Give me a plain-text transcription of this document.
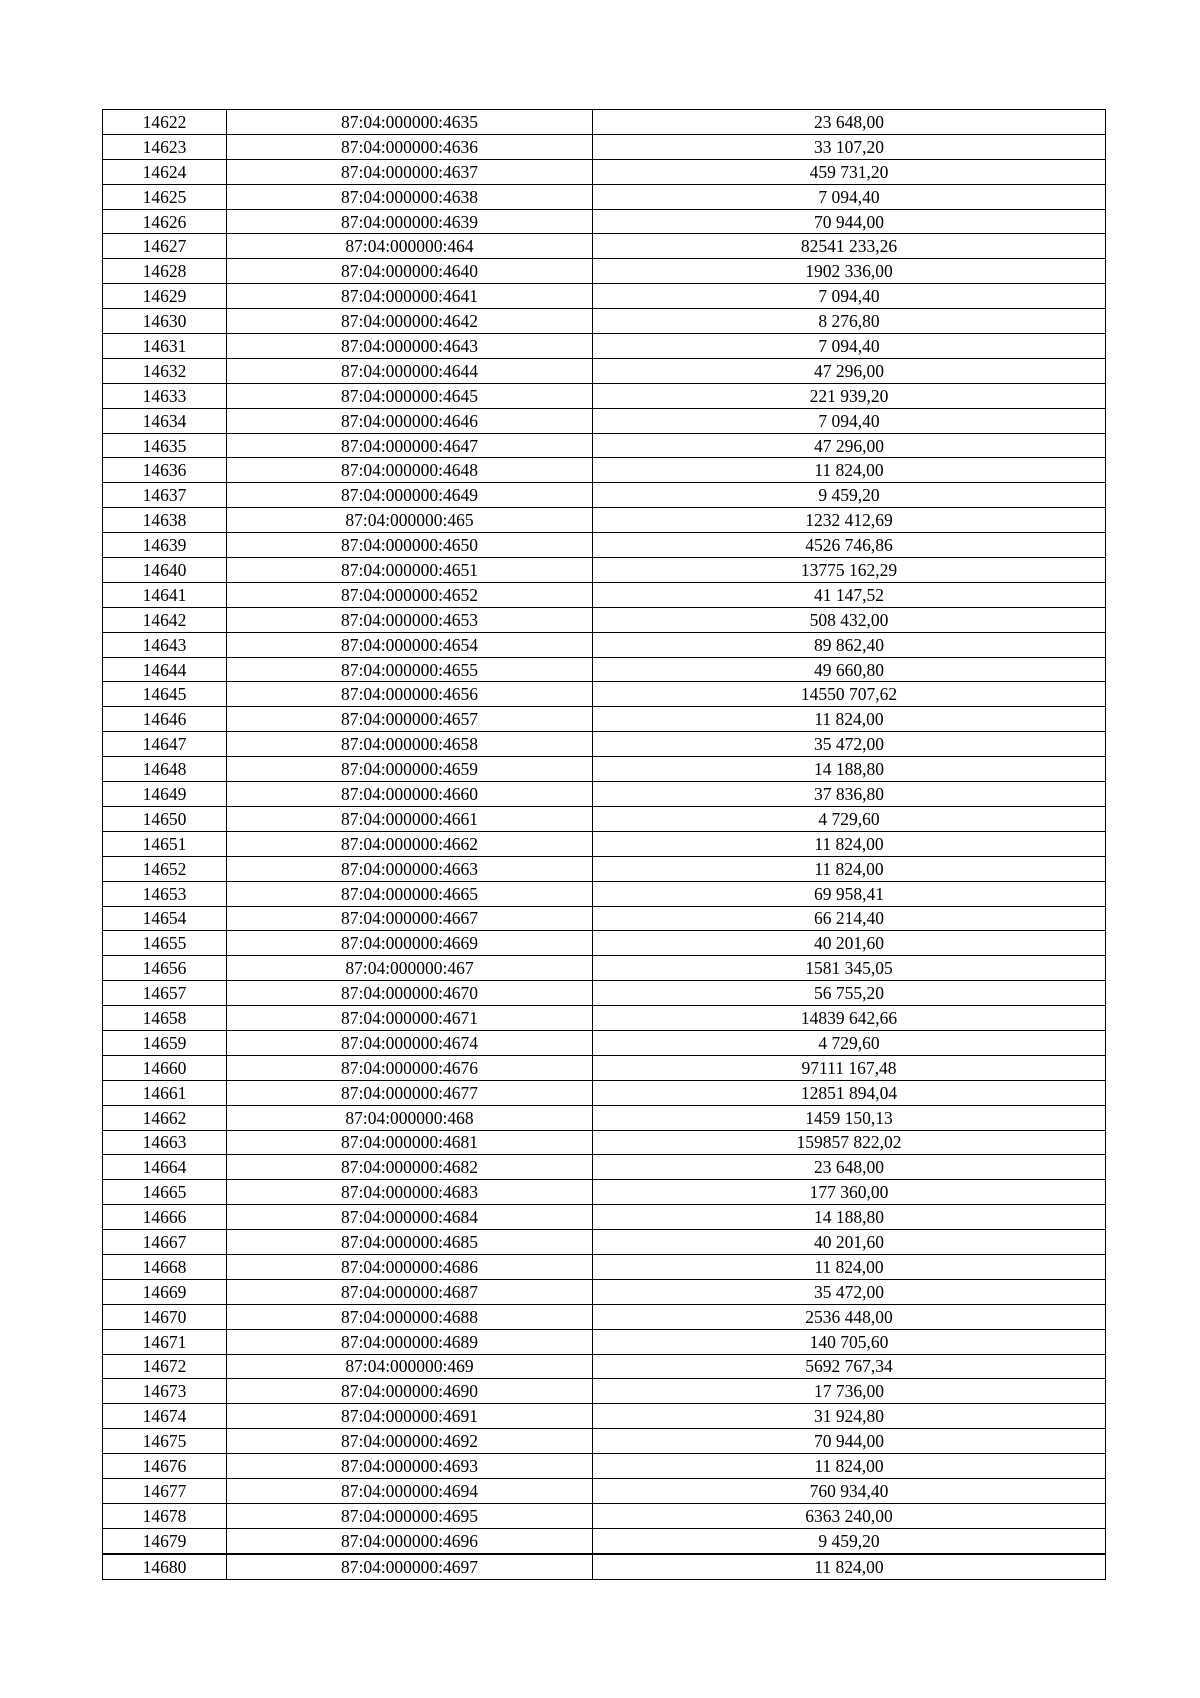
14622	87:04:000000:4635	23 648,00
14623	87:04:000000:4636	33 107,20
14624	87:04:000000:4637	459 731,20
14625	87:04:000000:4638	7 094,40
14626	87:04:000000:4639	70 944,00
14627	87:04:000000:464	82541 233,26
14628	87:04:000000:4640	1902 336,00
14629	87:04:000000:4641	7 094,40
14630	87:04:000000:4642	8 276,80
14631	87:04:000000:4643	7 094,40
14632	87:04:000000:4644	47 296,00
14633	87:04:000000:4645	221 939,20
14634	87:04:000000:4646	7 094,40
14635	87:04:000000:4647	47 296,00
14636	87:04:000000:4648	11 824,00
14637	87:04:000000:4649	9 459,20
14638	87:04:000000:465	1232 412,69
14639	87:04:000000:4650	4526 746,86
14640	87:04:000000:4651	13775 162,29
14641	87:04:000000:4652	41 147,52
14642	87:04:000000:4653	508 432,00
14643	87:04:000000:4654	89 862,40
14644	87:04:000000:4655	49 660,80
14645	87:04:000000:4656	14550 707,62
14646	87:04:000000:4657	11 824,00
14647	87:04:000000:4658	35 472,00
14648	87:04:000000:4659	14 188,80
14649	87:04:000000:4660	37 836,80
14650	87:04:000000:4661	4 729,60
14651	87:04:000000:4662	11 824,00
14652	87:04:000000:4663	11 824,00
14653	87:04:000000:4665	69 958,41
14654	87:04:000000:4667	66 214,40
14655	87:04:000000:4669	40 201,60
14656	87:04:000000:467	1581 345,05
14657	87:04:000000:4670	56 755,20
14658	87:04:000000:4671	14839 642,66
14659	87:04:000000:4674	4 729,60
14660	87:04:000000:4676	97111 167,48
14661	87:04:000000:4677	12851 894,04
14662	87:04:000000:468	1459 150,13
14663	87:04:000000:4681	159857 822,02
14664	87:04:000000:4682	23 648,00
14665	87:04:000000:4683	177 360,00
14666	87:04:000000:4684	14 188,80
14667	87:04:000000:4685	40 201,60
14668	87:04:000000:4686	11 824,00
14669	87:04:000000:4687	35 472,00
14670	87:04:000000:4688	2536 448,00
14671	87:04:000000:4689	140 705,60
14672	87:04:000000:469	5692 767,34
14673	87:04:000000:4690	17 736,00
14674	87:04:000000:4691	31 924,80
14675	87:04:000000:4692	70 944,00
14676	87:04:000000:4693	11 824,00
14677	87:04:000000:4694	760 934,40
14678	87:04:000000:4695	6363 240,00
14679	87:04:000000:4696	9 459,20
14680	87:04:000000:4697	11 824,00
